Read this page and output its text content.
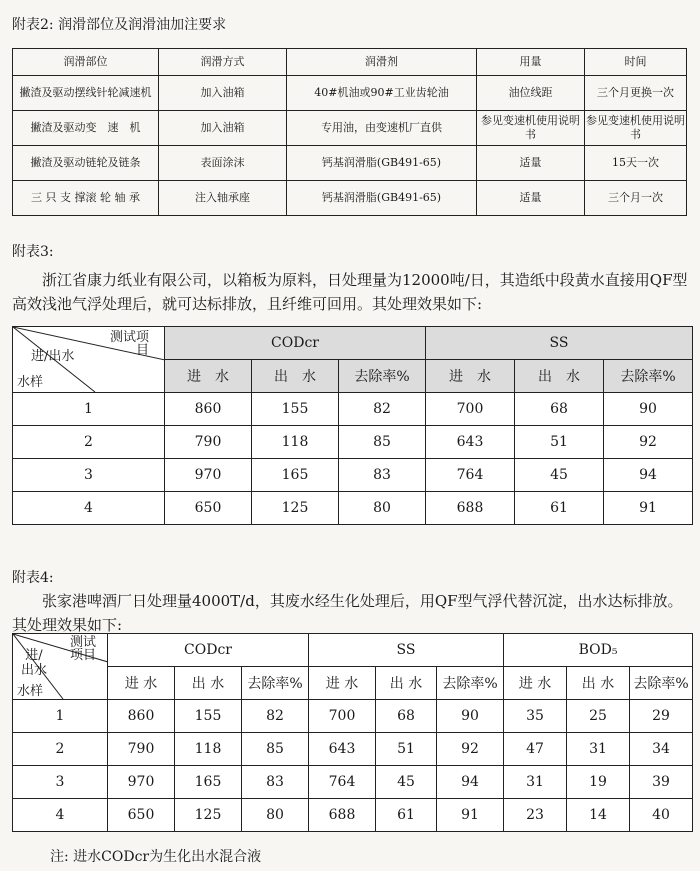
附表2: 润滑部位及润滑油加注要求
润滑部位	润滑方式	润滑剂	用量	时间
撇渣及驱动摆线针轮减速机	加入油箱	40#机油或90#工业齿轮油	油位线距	三个月更换一次
撇渣及驱动变　速　机	加入油箱	专用油，由变速机厂直供	参见变速机使用说明书	参见变速机使用说明书
撇渣及驱动链轮及链条	表面涂沫	钙基润滑脂(GB491-65)	适量	15天一次
三 只 支 撑滚 轮 轴 承	注入轴承座	钙基润滑脂(GB491-65)	适量	三个月一次
附表3:
浙江省康力纸业有限公司，以箱板为原料，日处理量为12000吨/日，其造纸中段黄水直接用QF型高效浅池气浮处理后，就可达标排放，且纤维可回用。其处理效果如下:
测试项目
进/出水
水样	CODcr			SS		
	进　水	出　水	去除率%	进　水	出　水	去除率%
1	860	155	82	700	68	90
2	790	118	85	643	51	92
3	970	165	83	764	45	94
4	650	125	80	688	61	91
附表4:
张家港啤酒厂日处理量4000T/d，其废水经生化处理后，用QF型气浮代替沉淀，出水达标排放。其处理效果如下:
测试项目
进/出水
水样	CODcr			SS			BOD₅		
	进 水	出 水	去除率%	进 水	出 水	去除率%	进 水	出 水	去除率%
1	860	155	82	700	68	90	35	25	29
2	790	118	85	643	51	92	47	31	34
3	970	165	83	764	45	94	31	19	39
4	650	125	80	688	61	91	23	14	40
注: 进水CODcr为生化出水混合液
